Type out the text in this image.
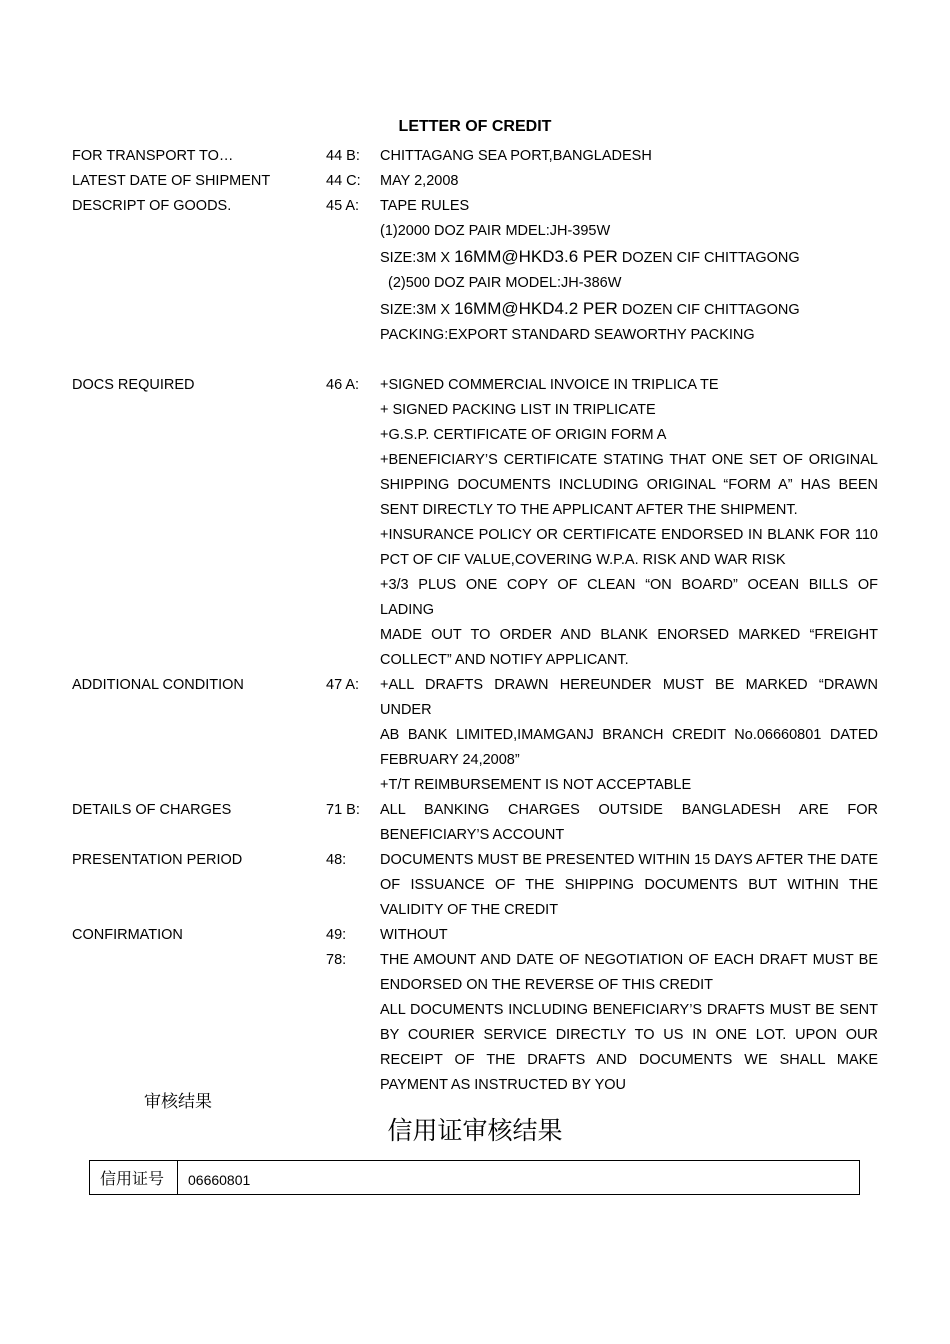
LETTER OF CREDIT
FOR TRANSPORT TO…	44 B:	CHITTAGANG SEA PORT,BANGLADESH
LATEST DATE OF SHIPMENT	44 C:	MAY 2,2008
DESCRIPT OF GOODS.	45 A:	TAPE RULES
(1)2000 DOZ PAIR MDEL:JH-395W
SIZE:3M X 16MM@HKD3.6 PER DOZEN CIF CHITTAGONG
(2)500 DOZ PAIR MODEL:JH-386W
SIZE:3M X 16MM@HKD4.2 PER DOZEN CIF CHITTAGONG
PACKING:EXPORT STANDARD SEAWORTHY PACKING
DOCS REQUIRED	46 A:	+SIGNED COMMERCIAL INVOICE IN TRIPLICA TE
+ SIGNED PACKING LIST IN TRIPLICATE
+G.S.P. CERTIFICATE OF ORIGIN FORM A
+BENEFICIARY’S CERTIFICATE STATING THAT ONE SET OF ORIGINAL
SHIPPING DOCUMENTS INCLUDING ORIGINAL “FORM A” HAS BEEN
SENT DIRECTLY TO THE APPLICANT AFTER THE SHIPMENT.
+INSURANCE POLICY OR CERTIFICATE ENDORSED IN BLANK FOR 110
PCT OF CIF VALUE,COVERING W.P.A. RISK AND WAR RISK
+3/3 PLUS ONE COPY OF CLEAN “ON BOARD” OCEAN BILLS OF LADING
MADE OUT TO ORDER AND BLANK ENORSED MARKED “FREIGHT
COLLECT” AND NOTIFY APPLICANT.
ADDITIONAL CONDITION	47 A:	+ALL DRAFTS DRAWN HEREUNDER MUST BE MARKED “DRAWN UNDER
AB BANK LIMITED,IMAMGANJ BRANCH CREDIT No.06660801 DATED
FEBRUARY 24,2008”
+T/T REIMBURSEMENT IS NOT ACCEPTABLE
DETAILS OF CHARGES	71 B:	ALL BANKING CHARGES OUTSIDE BANGLADESH ARE FOR
BENEFICIARY’S ACCOUNT
PRESENTATION PERIOD	48:	DOCUMENTS MUST BE PRESENTED WITHIN 15 DAYS AFTER THE DATE
OF ISSUANCE OF THE SHIPPING DOCUMENTS BUT WITHIN THE
VALIDITY OF THE CREDIT
CONFIRMATION	49:	WITHOUT
78:	THE AMOUNT AND DATE OF NEGOTIATION OF EACH DRAFT MUST BE
ENDORSED ON THE REVERSE OF THIS CREDIT
ALL DOCUMENTS INCLUDING BENEFICIARY’S DRAFTS MUST BE SENT
BY COURIER SERVICE DIRECTLY TO US IN ONE LOT. UPON OUR
RECEIPT OF THE DRAFTS AND DOCUMENTS WE SHALL MAKE
PAYMENT AS INSTRUCTED BY YOU
审核结果
信用证审核结果
信用证号	06660801
